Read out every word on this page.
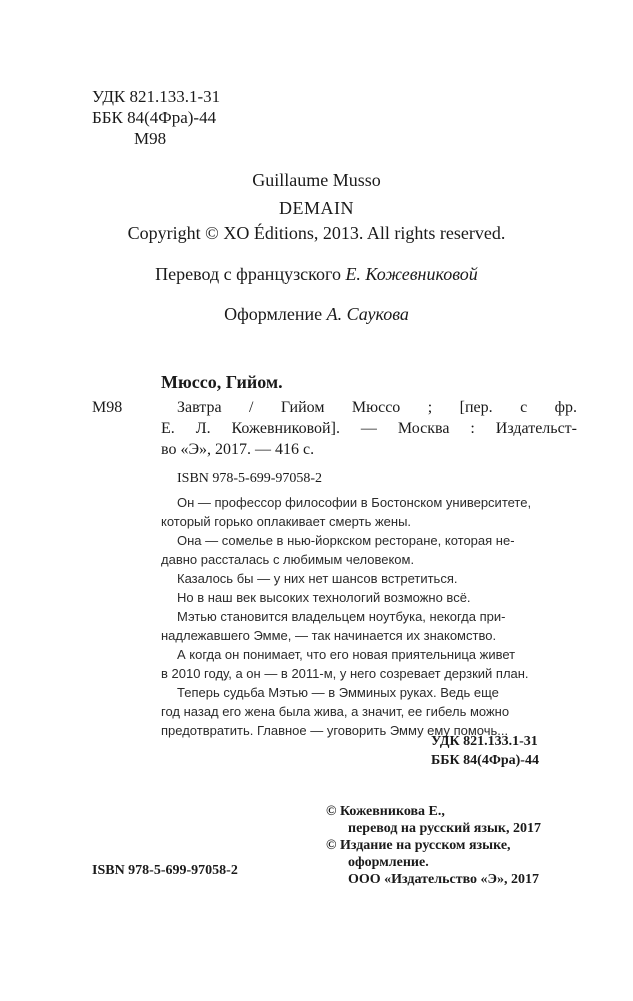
УДК 821.133.1-31
ББК 84(4Фра)-44
М98
Guillaume Musso
DEMAIN
Copyright © XO Éditions, 2013. All rights reserved.
Перевод с французского Е. Кожевниковой
Оформление А. Саукова
Мюссо, Гийом.
М98	Завтра / Гийом Мюссо ; [пер. с фр.
Е. Л. Кожевниковой]. — Москва : Издательст-
во «Э», 2017. — 416 с.
ISBN 978-5-699-97058-2
Он — профессор философии в Бостонском университете,
который горько оплакивает смерть жены.
Она — сомелье в нью-йоркском ресторане, которая не-
давно рассталась с любимым человеком.
Казалось бы — у них нет шансов встретиться.
Но в наш век высоких технологий возможно всё.
Мэтью становится владельцем ноутбука, некогда при-
надлежавшего Эмме, — так начинается их знакомство.
А когда он понимает, что его новая приятельница живет
в 2010 году, а он — в 2011-м, у него созревает дерзкий план.
Теперь судьба Мэтью — в Эмминых руках. Ведь еще
год назад его жена была жива, а значит, ее гибель можно
предотвратить. Главное — уговорить Эмму ему помочь...
УДК 821.133.1-31
ББК 84(4Фра)-44
ISBN 978-5-699-97058-2
© Кожевникова Е.,
перевод на русский язык, 2017
© Издание на русском языке,
оформление.
ООО «Издательство «Э», 2017
